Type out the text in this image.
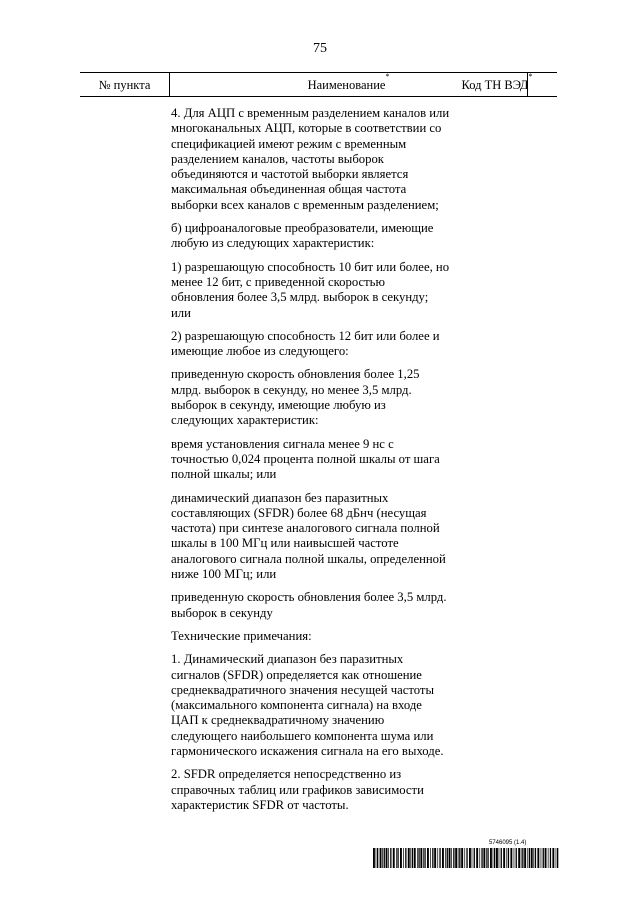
75
№ пункта	Наименование*
Код ТН ВЭД*

4. Для АЦП с временным разделением каналов или многоканальных АЦП, которые в соответствии со спецификацией имеют режим с временным разделением каналов, частоты выборок объединяются и частотой выборки является максимальная объединенная общая частота выборки всех каналов с временным разделением;

б) цифроаналоговые преобразователи, имеющие любую из следующих характеристик:

1) разрешающую способность 10 бит или более, но менее 12 бит, с приведенной скоростью обновления более 3,5 млрд. выборок в секунду; или

2) разрешающую способность 12 бит или более и имеющие любое из следующего:

приведенную скорость обновления более 1,25 млрд. выборок в секунду, но менее 3,5 млрд. выборок в секунду, имеющие любую из следующих характеристик:

время установления сигнала менее 9 нс с точностью 0,024 процента полной шкалы от шага полной шкалы; или

динамический диапазон без паразитных составляющих (SFDR) более 68 дБнч (несущая частота) при синтезе аналогового сигнала полной шкалы в 100 МГц или наивысшей частоте аналогового сигнала полной шкалы, определенной ниже 100 МГц; или

приведенную скорость обновления более 3,5 млрд. выборок в секунду

Технические примечания:

1. Динамический диапазон без паразитных сигналов (SFDR) определяется как отношение среднеквадратичного значения несущей частоты (максимального компонента сигнала) на входе ЦАП к среднеквадратичному значению следующего наибольшего компонента шума или гармонического искажения сигнала на его выходе.

2. SFDR определяется непосредственно из справочных таблиц или графиков зависимости характеристик SFDR от частоты.

5746095 (1.4)
